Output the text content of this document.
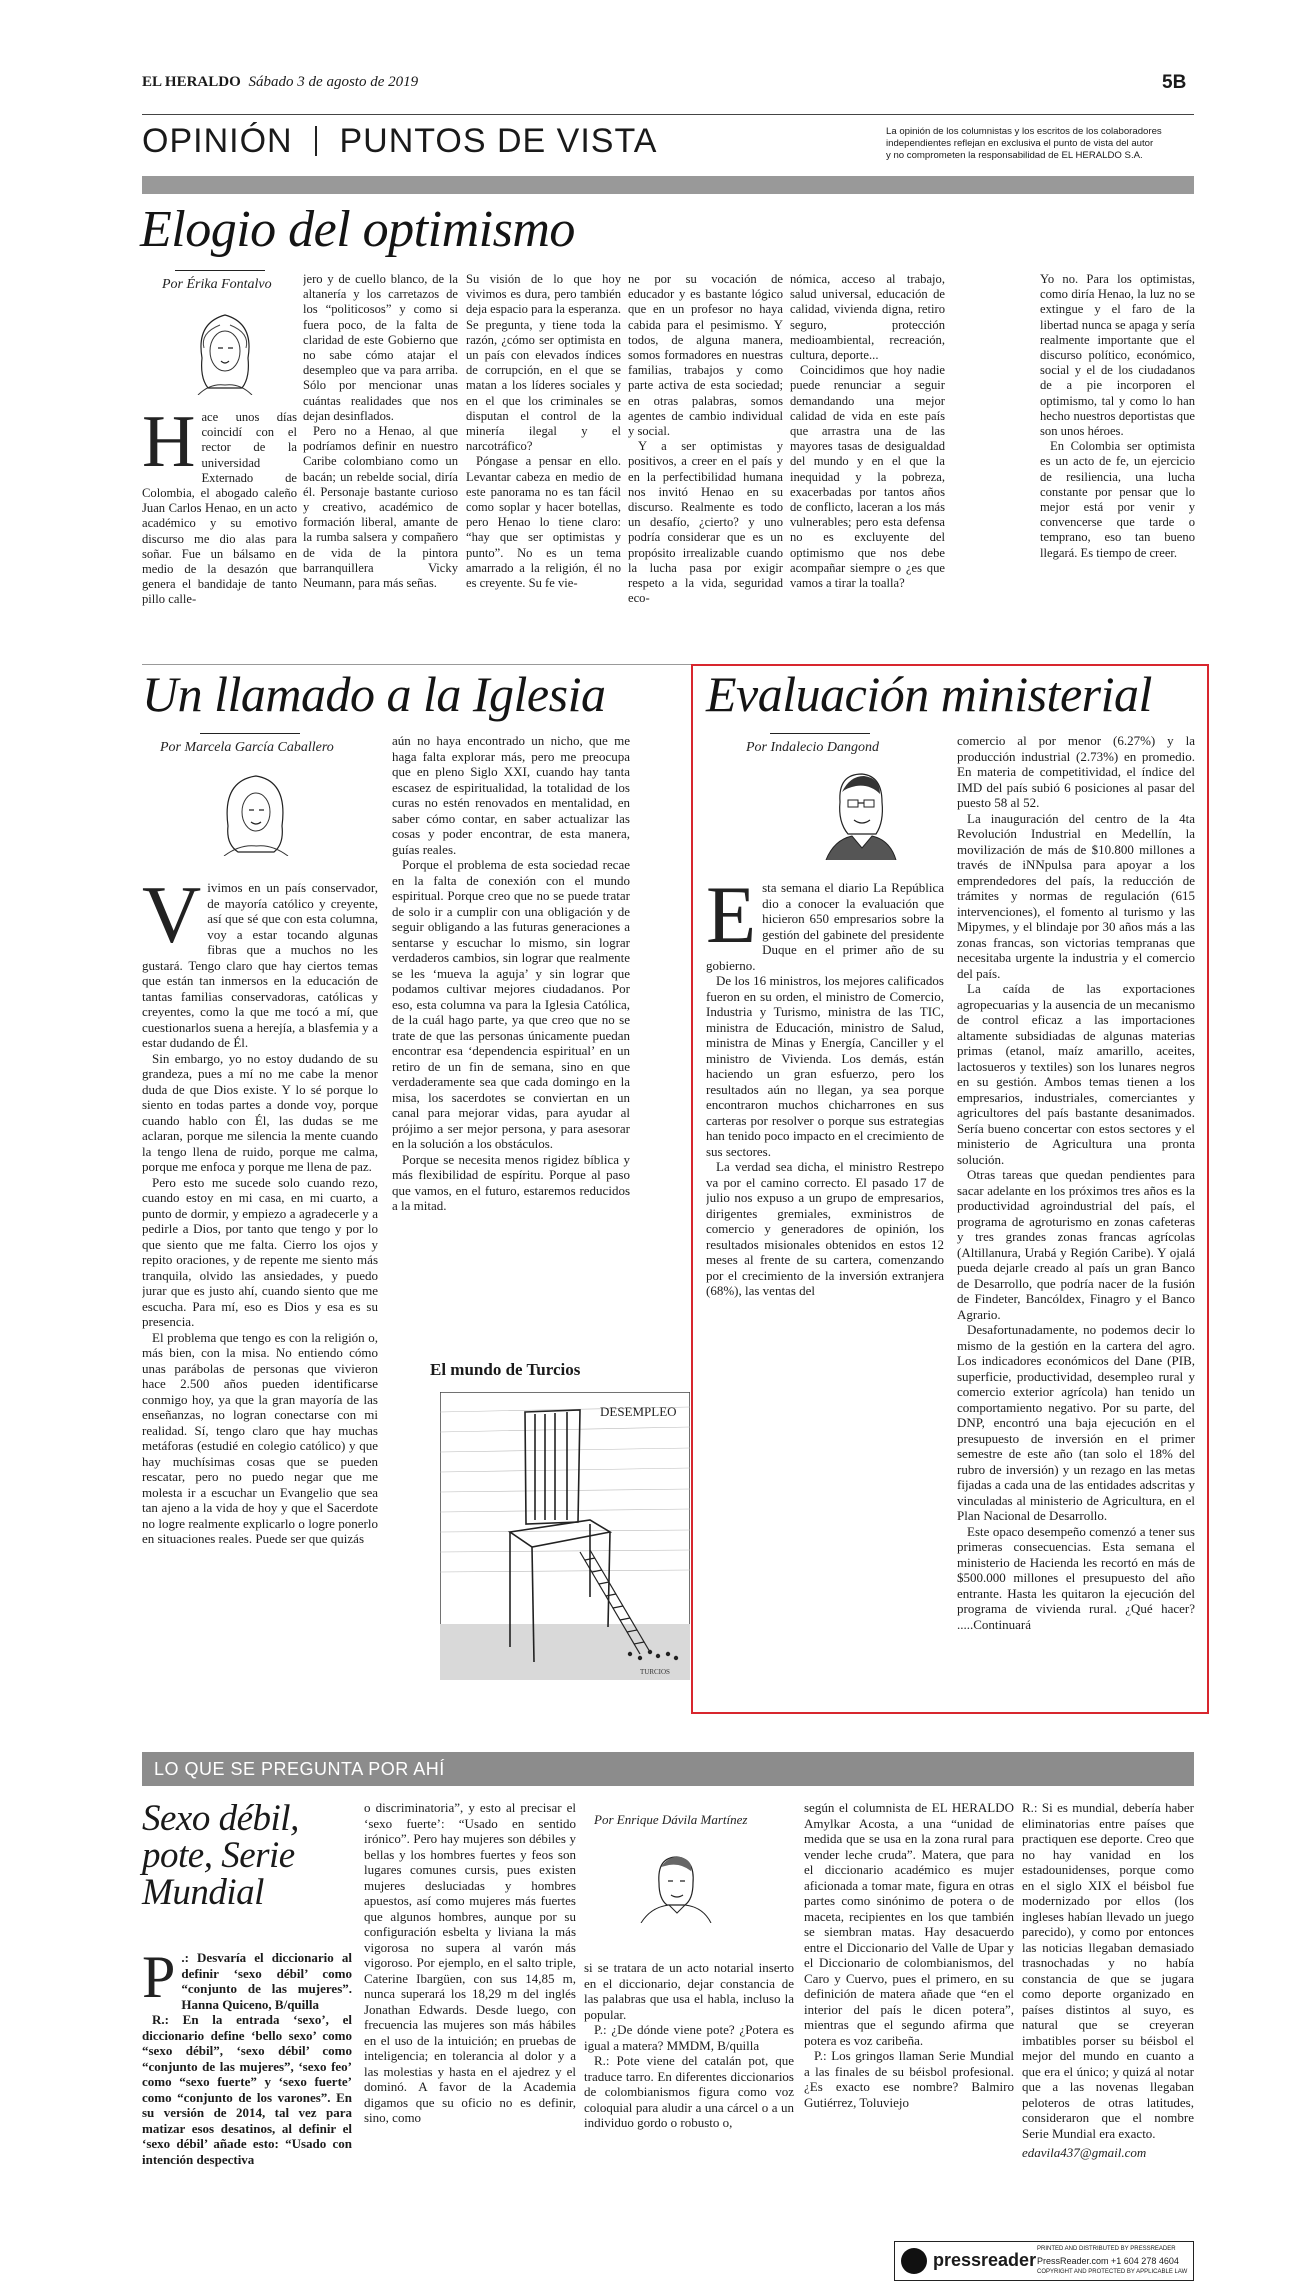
EL HERALDO Sábado 3 de agosto de 2019	5B
OPINIÓN PUNTOS DE VISTA	La opinión de los columnistas y los escritos de los colaboradores
independientes reflejan en exclusiva el punto de vista del autor
y no comprometen la responsabilidad de EL HERALDO S.A.
Elogio del optimismo
Por Érika Fontalvo
Hace unos días coincidí con el rector de la universidad Externado de Colombia, el abogado caleño Juan Carlos Henao, en un acto académico y su emotivo discurso me dio alas para soñar. Fue un bálsamo en medio de la desazón que genera el bandidaje de tanto pillo calle-
jero y de cuello blanco, de la altanería y los carretazos de los “politicosos” y como si fuera poco, de la falta de claridad de este Gobierno que no sabe cómo atajar el desempleo que va para arriba. Sólo por mencionar unas cuántas realidades que nos dejan desinflados.
Pero no a Henao, al que podríamos definir en nuestro Caribe colombiano como un bacán; un rebelde social, diría él. Personaje bastante curioso y creativo, académico de formación liberal, amante de la rumba salsera y compañero de vida de la pintora barranquillera Vicky Neumann, para más señas.
Su visión de lo que hoy vivimos es dura, pero también deja espacio para la esperanza. Se pregunta, y tiene toda la razón, ¿cómo ser optimista en un país con elevados índices de corrupción, en el que se matan a los líderes sociales y en el que los criminales se disputan el control de la minería ilegal y el narcotráfico?
Póngase a pensar en ello. Levantar cabeza en medio de este panorama no es tan fácil como soplar y hacer botellas, pero Henao lo tiene claro: “hay que ser optimistas y punto”. No es un tema amarrado a la religión, él no es creyente. Su fe vie-
ne por su vocación de educador y es bastante lógico que en un profesor no haya cabida para el pesimismo. Y todos, de alguna manera, somos formadores en nuestras familias, trabajos y como parte activa de esta sociedad; en otras palabras, somos agentes de cambio individual y social.
Y a ser optimistas y positivos, a creer en el país y en la perfectibilidad humana nos invitó Henao en su discurso. Realmente es todo un desafío, ¿cierto? y uno podría considerar que es un propósito irrealizable cuando la lucha pasa por exigir respeto a la vida, seguridad eco-
nómica, acceso al trabajo, salud universal, educación de calidad, vivienda digna, retiro seguro, protección medioambiental, recreación, cultura, deporte...
Coincidimos que hoy nadie puede renunciar a seguir demandando una mejor calidad de vida en este país que arrastra una de las mayores tasas de desigualdad del mundo y en el que la inequidad y la pobreza, exacerbadas por tantos años de conflicto, laceran a los más vulnerables; pero esta defensa no es excluyente del optimismo que nos debe acompañar siempre o ¿es que vamos a tirar la toalla?
Yo no. Para los optimistas, como diría Henao, la luz no se extingue y el faro de la libertad nunca se apaga y sería realmente importante que el discurso político, económico, social y el de los ciudadanos de a pie incorporen el optimismo, tal y como lo han hecho nuestros deportistas que son unos héroes.
En Colombia ser optimista es un acto de fe, un ejercicio de resiliencia, una lucha constante por pensar que lo mejor está por venir y convencerse que tarde o temprano, eso tan bueno llegará. Es tiempo de creer.
Un llamado a la Iglesia
Por Marcela García Caballero
Vivimos en un país conservador, de mayoría católico y creyente, así que sé que con esta columna, voy a estar tocando algunas fibras que a muchos no les gustará. Tengo claro que hay ciertos temas que están tan inmersos en la educación de tantas familias conservadoras, católicas y creyentes, como la que me tocó a mí, que cuestionarlos suena a herejía, a blasfemia y a estar dudando de Él.
Sin embargo, yo no estoy dudando de su grandeza, pues a mí no me cabe la menor duda de que Dios existe. Y lo sé porque lo siento en todas partes a donde voy, porque cuando hablo con Él, las dudas se me aclaran, porque me silencia la mente cuando la tengo llena de ruido, porque me calma, porque me enfoca y porque me llena de paz.
Pero esto me sucede solo cuando rezo, cuando estoy en mi casa, en mi cuarto, a punto de dormir, y empiezo a agradecerle y a pedirle a Dios, por tanto que tengo y por lo que siento que me falta. Cierro los ojos y repito oraciones, y de repente me siento más tranquila, olvido las ansiedades, y puedo jurar que es justo ahí, cuando siento que me escucha. Para mí, eso es Dios y esa es su presencia.
El problema que tengo es con la religión o, más bien, con la misa. No entiendo cómo unas parábolas de personas que vivieron hace 2.500 años pueden identificarse conmigo hoy, ya que la gran mayoría de las enseñanzas, no logran conectarse con mi realidad. Sí, tengo claro que hay muchas metáforas (estudié en colegio católico) y que hay muchísimas cosas que se pueden rescatar, pero no puedo negar que me molesta ir a escuchar un Evangelio que sea tan ajeno a la vida de hoy y que el Sacerdote no logre realmente explicarlo o logre ponerlo en situaciones reales. Puede ser que quizás
aún no haya encontrado un nicho, que me haga falta explorar más, pero me preocupa que en pleno Siglo XXI, cuando hay tanta escasez de espiritualidad, la totalidad de los curas no estén renovados en mentalidad, en saber cómo contar, en saber actualizar las cosas y poder encontrar, de esta manera, guías reales.
Porque el problema de esta sociedad recae en la falta de conexión con el mundo espiritual. Porque creo que no se puede tratar de solo ir a cumplir con una obligación y de seguir obligando a las futuras generaciones a sentarse y escuchar lo mismo, sin lograr verdaderos cambios, sin lograr que realmente se les ‘mueva la aguja’ y sin lograr que podamos cultivar mejores ciudadanos. Por eso, esta columna va para la Iglesia Católica, de la cuál hago parte, ya que creo que no se trate de que las personas únicamente puedan encontrar esa ‘dependencia espiritual’ en un retiro de un fin de semana, sino en que verdaderamente sea que cada domingo en la misa, los sacerdotes se conviertan en un canal para mejorar vidas, para ayudar al prójimo a ser mejor persona, y para asesorar en la solución a los obstáculos.
Porque se necesita menos rigidez bíblica y más flexibilidad de espíritu. Porque al paso que vamos, en el futuro, estaremos reducidos a la mitad.
El mundo de Turcios
DESEMPLEO
TURCIOS
Evaluación ministerial
Por Indalecio Dangond
Esta semana el diario La República dio a conocer la evaluación que hicieron 650 empresarios sobre la gestión del gabinete del presidente Duque en el primer año de su gobierno.
De los 16 ministros, los mejores calificados fueron en su orden, el ministro de Comercio, Industria y Turismo, ministra de las TIC, ministra de Educación, ministro de Salud, ministra de Minas y Energía, Canciller y el ministro de Vivienda. Los demás, están haciendo un gran esfuerzo, pero los resultados aún no llegan, ya sea porque encontraron muchos chicharrones en sus carteras por resolver o porque sus estrategias han tenido poco impacto en el crecimiento de sus sectores.
La verdad sea dicha, el ministro Restrepo va por el camino correcto. El pasado 17 de julio nos expuso a un grupo de empresarios, dirigentes gremiales, exministros de comercio y generadores de opinión, los resultados misionales obtenidos en estos 12 meses al frente de su cartera, comenzando por el crecimiento de la inversión extranjera (68%), las ventas del
comercio al por menor (6.27%) y la producción industrial (2.73%) en promedio. En materia de competitividad, el índice del IMD del país subió 6 posiciones al pasar del puesto 58 al 52.
La inauguración del centro de la 4ta Revolución Industrial en Medellín, la movilización de más de $10.800 millones a través de iNNpulsa para apoyar a los emprendedores del país, la reducción de trámites y normas de regulación (615 intervenciones), el fomento al turismo y las Mipymes, y el blindaje por 30 años más a las zonas francas, son victorias tempranas que necesitaba urgente la industria y el comercio del país.
La caída de las exportaciones agropecuarias y la ausencia de un mecanismo de control eficaz a las importaciones altamente subsidiadas de algunas materias primas (etanol, maíz amarillo, aceites, lactosueros y textiles) son los lunares negros en su gestión. Ambos temas tienen a los empresarios, industriales, comerciantes y agricultores del país bastante desanimados. Sería bueno concertar con estos sectores y el ministerio de Agricultura una pronta solución.
Otras tareas que quedan pendientes para sacar adelante en los próximos tres años es la productividad agroindustrial del país, el programa de agroturismo en zonas cafeteras y tres grandes zonas francas agrícolas (Altillanura, Urabá y Región Caribe). Y ojalá pueda dejarle creado al país un gran Banco de Desarrollo, que podría nacer de la fusión de Findeter, Bancóldex, Finagro y el Banco Agrario.
Desafortunadamente, no podemos decir lo mismo de la gestión en la cartera del agro. Los indicadores económicos del Dane (PIB, superficie, productividad, desempleo rural y comercio exterior agrícola) han tenido un comportamiento negativo. Por su parte, del DNP, encontró una baja ejecución en el presupuesto de inversión en el primer semestre de este año (tan solo el 18% del rubro de inversión) y un rezago en las metas fijadas a cada una de las entidades adscritas y vinculadas al ministerio de Agricultura, en el Plan Nacional de Desarrollo.
Este opaco desempeño comenzó a tener sus primeras consecuencias. Esta semana el ministerio de Hacienda les recortó en más de $500.000 millones el presupuesto del año entrante. Hasta les quitaron la ejecución del programa de vivienda rural. ¿Qué hacer? .....Continuará
LO QUE SE PREGUNTA POR AHÍ
Sexo débil,
pote, Serie
Mundial
Por Enrique Dávila Martínez
P .: Desvaría el diccionario al definir ‘sexo débil’ como “conjunto de las mujeres”. Hanna Quiceno, B/quilla
R.: En la entrada ‘sexo’, el diccionario define ‘bello sexo’ como “sexo débil”, ‘sexo débil’ como “conjunto de las mujeres”, ‘sexo feo’ como “sexo fuerte” y ‘sexo fuerte’ como “conjunto de los varones”. En su versión de 2014, tal vez para matizar esos desatinos, al definir el ‘sexo débil’ añade esto: “Usado con intención despectiva
o discriminatoria”, y esto al precisar el ‘sexo fuerte’: “Usado en sentido irónico”. Pero hay mujeres son débiles y bellas y los hombres fuertes y feos son lugares comunes cursis, pues existen mujeres desluciadas y hombres apuestos, así como mujeres más fuertes que algunos hombres, aunque por su configuración esbelta y liviana la más vigorosa no supera al varón más vigoroso. Por ejemplo, en el salto triple, Caterine Ibargüen, con sus 14,85 m, nunca superará los 18,29 m del inglés Jonathan Edwards. Desde luego, con frecuencia las mujeres son más hábiles en el uso de la intuición; en pruebas de inteligencia; en tolerancia al dolor y a las molestias y hasta en el ajedrez y el dominó. A favor de la Academia digamos que su oficio no es definir, sino, como
si se tratara de un acto notarial inserto en el diccionario, dejar constancia de las palabras que usa el habla, incluso la popular.
P.: ¿De dónde viene pote? ¿Potera es igual a matera? MMDM, B/quilla
R.: Pote viene del catalán pot, que traduce tarro. En diferentes diccionarios de colombianismos figura como voz coloquial para aludir a una cárcel o a un individuo gordo o robusto o,
según el columnista de EL HERALDO Amylkar Acosta, a una “unidad de medida que se usa en la zona rural para vender leche cruda”. Matera, que para el diccionario académico es mujer aficionada a tomar mate, figura en otras partes como sinónimo de potera o de maceta, recipientes en los que también se siembran matas. Hay desacuerdo entre el Diccionario del Valle de Upar y el Diccionario de colombianismos, del Caro y Cuervo, pues el primero, en su definición de matera añade que “en el interior del país le dicen potera”, mientras que el segundo afirma que potera es voz caribeña.
P.: Los gringos llaman Serie Mundial a las finales de su béisbol profesional. ¿Es exacto ese nombre? Balmiro Gutiérrez, Toluviejo
R.: Si es mundial, debería haber eliminatorias entre países que practiquen ese deporte. Creo que no hay vanidad en los estadounidenses, porque como en el siglo XIX el béisbol fue modernizado por ellos (los ingleses habían llevado un juego parecido), y como por entonces las noticias llegaban demasiado trasnochadas y no había constancia de que se jugara como deporte organizado en países distintos al suyo, es natural que se creyeran imbatibles porser su béisbol el mejor del mundo en cuanto a que era el único; y quizá al notar que a las novenas llegaban peloteros de otras latitudes, consideraron que el nombre Serie Mundial era exacto.
edavila437@gmail.com
pressreader
PRINTED AND DISTRIBUTED BY PRESSREADER
PressReader.com +1 604 278 4604
COPYRIGHT AND PROTECTED BY APPLICABLE LAW
